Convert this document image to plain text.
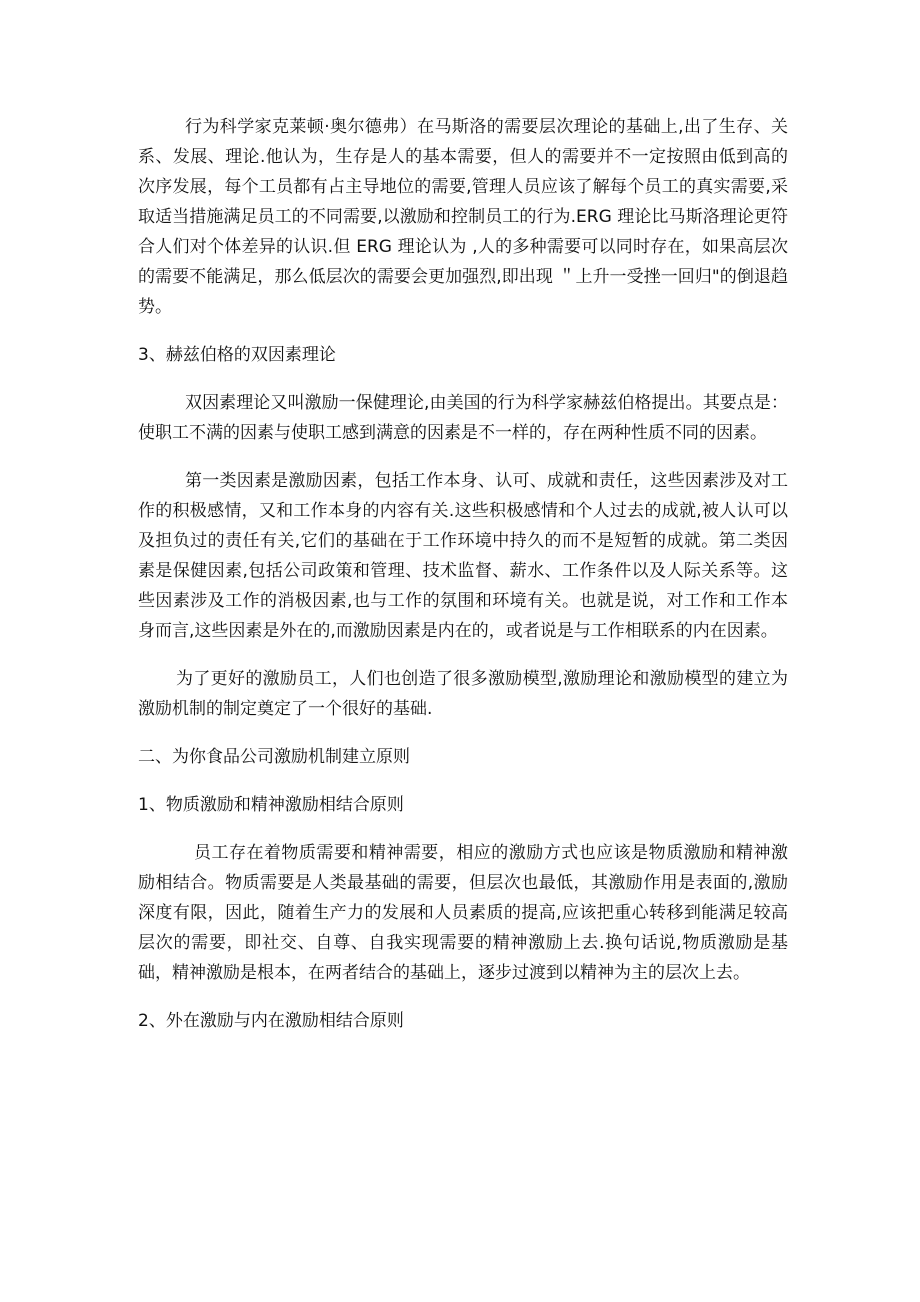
行为科学家克莱顿·奥尔德弗）在马斯洛的需要层次理论的基础上,出了生存、关系、发展、理论.他认为，生存是人的基本需要，但人的需要并不一定按照由低到高的次序发展，每个工员都有占主导地位的需要,管理人员应该了解每个员工的真实需要,采取适当措施满足员工的不同需要,以激励和控制员工的行为.ERG 理论比马斯洛理论更符合人们对个体差异的认识.但 ERG 理论认为 ,人的多种需要可以同时存在，如果高层次的需要不能满足，那么低层次的需要会更加强烈,即出现 ＂上升一受挫一回归"的倒退趋势。

3、赫兹伯格的双因素理论

双因素理论又叫激励一保健理论,由美国的行为科学家赫兹伯格提出。其要点是：使职工不满的因素与使职工感到满意的因素是不一样的，存在两种性质不同的因素。

第一类因素是激励因素，包括工作本身、认可、成就和责任，这些因素涉及对工作的积极感情，又和工作本身的内容有关.这些积极感情和个人过去的成就,被人认可以及担负过的责任有关,它们的基础在于工作环境中持久的而不是短暂的成就。第二类因素是保健因素,包括公司政策和管理、技术监督、薪水、工作条件以及人际关系等。这些因素涉及工作的消极因素,也与工作的氛围和环境有关。也就是说，对工作和工作本身而言,这些因素是外在的,而激励因素是内在的，或者说是与工作相联系的内在因素。

为了更好的激励员工，人们也创造了很多激励模型,激励理论和激励模型的建立为激励机制的制定奠定了一个很好的基础.

二、为你食品公司激励机制建立原则

1、物质激励和精神激励相结合原则

员工存在着物质需要和精神需要，相应的激励方式也应该是物质激励和精神激励相结合。物质需要是人类最基础的需要，但层次也最低，其激励作用是表面的,激励深度有限，因此，随着生产力的发展和人员素质的提高,应该把重心转移到能满足较高层次的需要，即社交、自尊、自我实现需要的精神激励上去.换句话说,物质激励是基础，精神激励是根本，在两者结合的基础上，逐步过渡到以精神为主的层次上去。

2、外在激励与内在激励相结合原则
